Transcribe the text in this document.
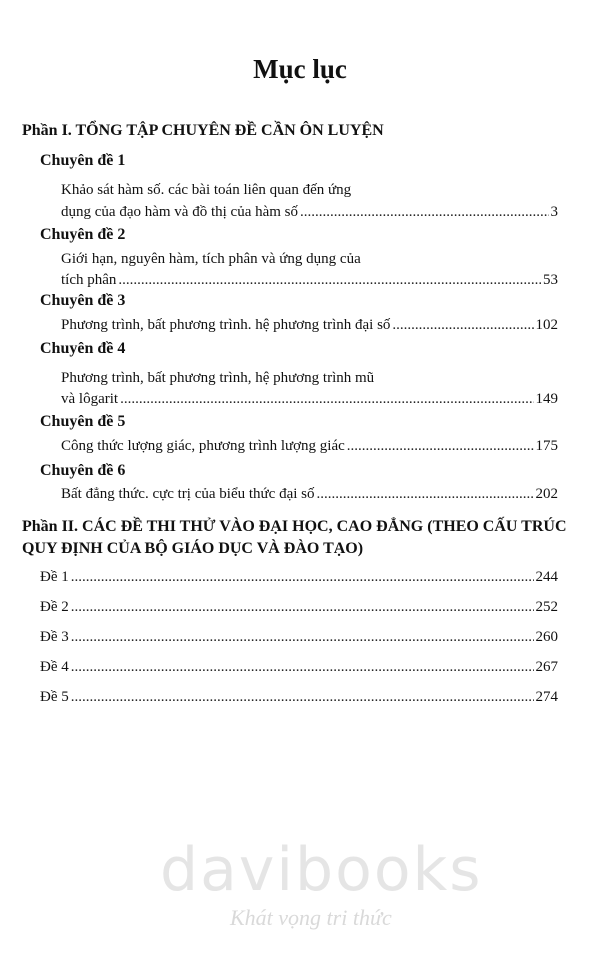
Mục lục
Phần I. TỔNG TẬP CHUYÊN ĐỀ CẦN ÔN LUYỆN
Chuyên đề 1
Khảo sát hàm số. các bài toán liên quan đến ứng
dụng của đạo hàm và đồ thị của hàm số .....	3
Chuyên đề 2
Giới hạn, nguyên hàm, tích phân và ứng dụng của
tích phân .....	53
Chuyên đề 3
Phương trình, bất phương trình. hệ phương trình đại số .....	102
Chuyên đề 4
Phương trình, bất phương trình, hệ phương trình mũ
và lôgarit .....	149
Chuyên đề 5
Công thức lượng giác, phương trình lượng giác .....	175
Chuyên đề 6
Bất đẳng thức. cực trị của biểu thức đại số .....	202
Phần II. CÁC ĐỀ THI THỬ VÀO ĐẠI HỌC, CAO ĐẲNG (THEO CẤU TRÚC QUY ĐỊNH CỦA BỘ GIÁO DỤC VÀ ĐÀO TẠO)
Đề 1 .....	244
Đề 2 .....	252
Đề 3 .....	260
Đề 4 .....	267
Đề 5 .....	274
davibooks
Khát vọng tri thức
